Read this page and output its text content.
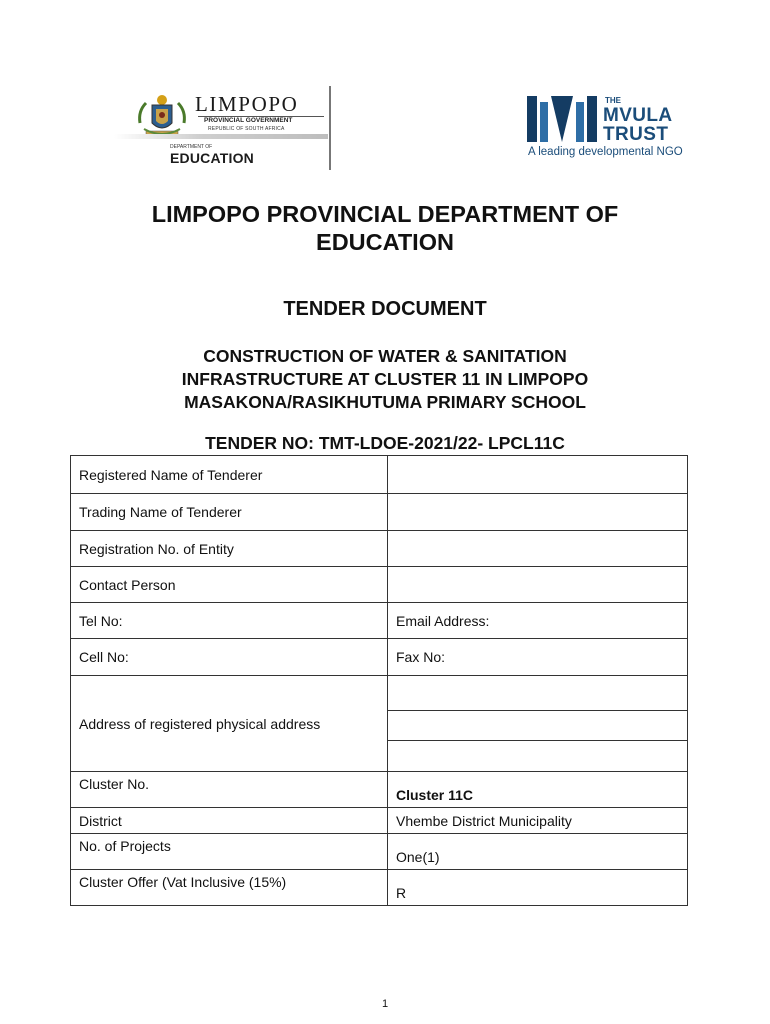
LIMPOPO
PROVINCIAL GOVERNMENT
REPUBLIC OF SOUTH AFRICA
DEPARTMENT OF
EDUCATION
THE
MVULA
TRUST
A leading developmental NGO
LIMPOPO PROVINCIAL DEPARTMENT OF
EDUCATION
TENDER DOCUMENT
CONSTRUCTION OF WATER & SANITATION
INFRASTRUCTURE AT CLUSTER 11 IN LIMPOPO
MASAKONA/RASIKHUTUMA PRIMARY SCHOOL
TENDER NO: TMT-LDOE-2021/22- LPCL11C
Registered Name of Tenderer	
Trading Name of Tenderer	
Registration No. of Entity	
Contact Person	
Tel No:	Email Address:
Cell No:	Fax No:
Address of registered physical address	

Cluster No.	Cluster 11C
District	Vhembe District Municipality
No. of Projects	One(1)
Cluster Offer (Vat Inclusive (15%)	R
1
